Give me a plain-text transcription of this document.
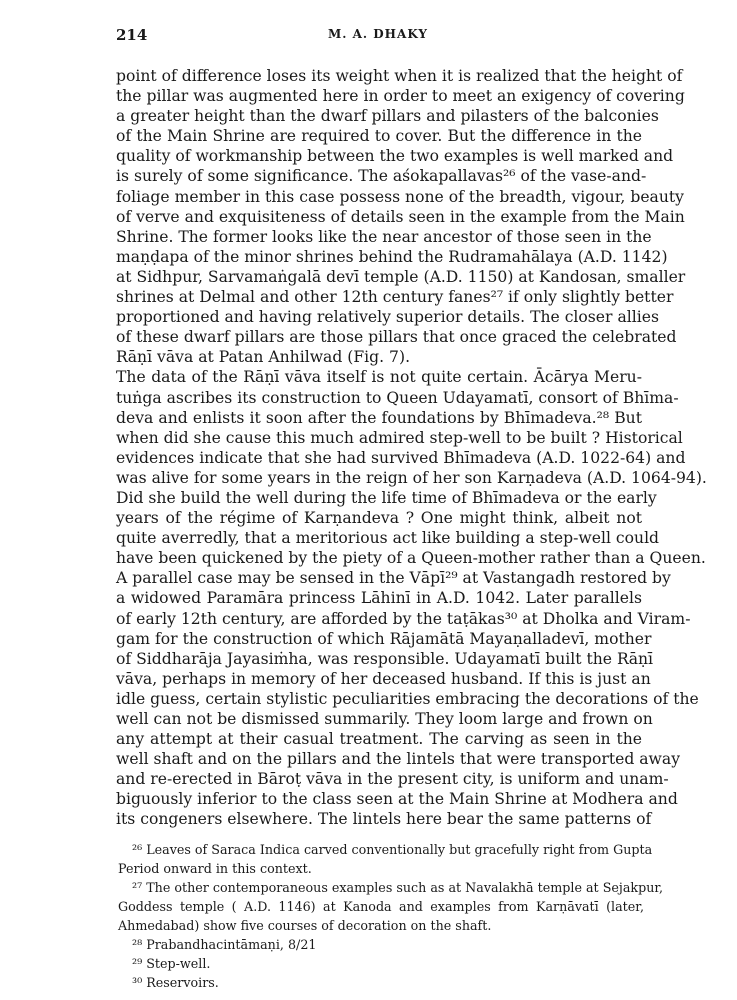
214	M. A. DHAKY
point of difference loses its weight when it is realized that the height of
the pillar was augmented here in order to meet an exigency of covering
a greater height than the dwarf pillars and pilasters of the balconies
of the Main Shrine are required to cover. But the difference in the
quality of workmanship between the two examples is well marked and
is surely of some significance. The aśokapallavas²⁶ of the vase-and-
foliage member in this case possess none of the breadth, vigour, beauty
of verve and exquisiteness of details seen in the example from the Main
Shrine. The former looks like the near ancestor of those seen in the
maṇḍapa of the minor shrines behind the Rudramahālaya (A.D. 1142)
at Sidhpur, Sarvamaṅgalā devī temple (A.D. 1150) at Kandosan, smaller
shrines at Delmal and other 12th century fanes²⁷ if only slightly better
proportioned and having relatively superior details. The closer allies
of these dwarf pillars are those pillars that once graced the celebrated
Rāṇī vāva at Patan Anhilwad (Fig. 7).
The data of the Rāṇī vāva itself is not quite certain. Ācārya Meru-
tuṅga ascribes its construction to Queen Udayamatī, consort of Bhīma-
deva and enlists it soon after the foundations by Bhīmadeva.²⁸ But
when did she cause this much admired step-well to be built ? Historical
evidences indicate that she had survived Bhīmadeva (A.D. 1022-64) and
was alive for some years in the reign of her son Karṇadeva (A.D. 1064-94).
Did she build the well during the life time of Bhīmadeva or the early
years of the régime of Karṇandeva ? One might think, albeit not
quite averredly, that a meritorious act like building a step-well could
have been quickened by the piety of a Queen-mother rather than a Queen.
A parallel case may be sensed in the Vāpī²⁹ at Vastangadh restored by
a widowed Paramāra princess Lāhinī in A.D. 1042. Later parallels
of early 12th century, are afforded by the taṭākas³⁰ at Dholka and Viram-
gam for the construction of which Rājamātā Mayaṇalladevī, mother
of Siddharāja Jayasiṁha, was responsible. Udayamatī built the Rāṇī
vāva, perhaps in memory of her deceased husband. If this is just an
idle guess, certain stylistic peculiarities embracing the decorations of the
well can not be dismissed summarily. They loom large and frown on
any attempt at their casual treatment. The carving as seen in the
well shaft and on the pillars and the lintels that were transported away
and re-erected in Bāroṭ vāva in the present city, is uniform and unam-
biguously inferior to the class seen at the Main Shrine at Modhera and
its congeners elsewhere. The lintels here bear the same patterns of
²⁶ Leaves of Saraca Indica carved conventionally but gracefully right from Gupta
Period onward in this context.
²⁷ The other contemporaneous examples such as at Navalakhā temple at Sejakpur,
Goddess temple ( A.D. 1146) at Kanoda and examples from Karṇāvatī (later,
Ahmedabad) show five courses of decoration on the shaft.
²⁸ Prabandhacintāmaṇi, 8/21
²⁹ Step-well.
³⁰ Reservoirs.
